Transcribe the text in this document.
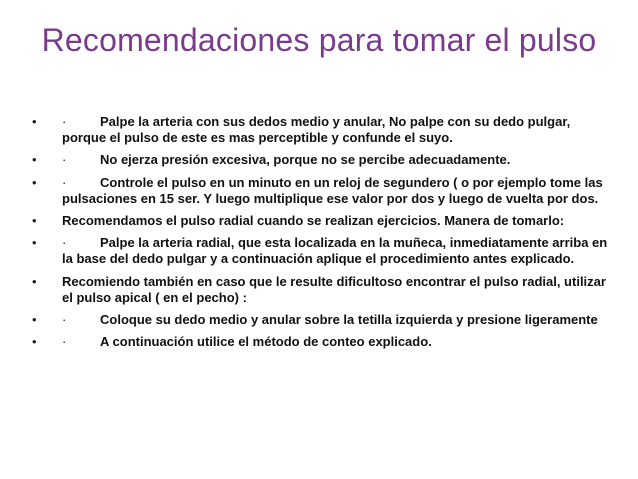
Recomendaciones para tomar el pulso
• ·	Palpe la arteria con sus dedos medio y anular, No palpe con su dedo pulgar, porque el pulso de este es mas perceptible y confunde el suyo.
• ·	No ejerza presión excesiva, porque no se percibe adecuadamente.
• ·	Controle el pulso en un minuto en un reloj de segundero ( o por ejemplo tome las pulsaciones en 15 ser. Y luego multiplique ese valor por dos y luego de vuelta por dos.
• Recomendamos el pulso radial cuando se realizan ejercicios. Manera de tomarlo:
• ·	Palpe la arteria radial, que esta localizada en la muñeca, inmediatamente arriba en la base del dedo pulgar y a continuación aplique el procedimiento antes explicado.
• Recomiendo también en caso que le resulte dificultoso encontrar el pulso radial, utilizar el pulso apical ( en el pecho) :
• ·	Coloque su dedo medio y anular sobre la tetilla izquierda y presione ligeramente
• ·	A continuación utilice el método de conteo explicado.
